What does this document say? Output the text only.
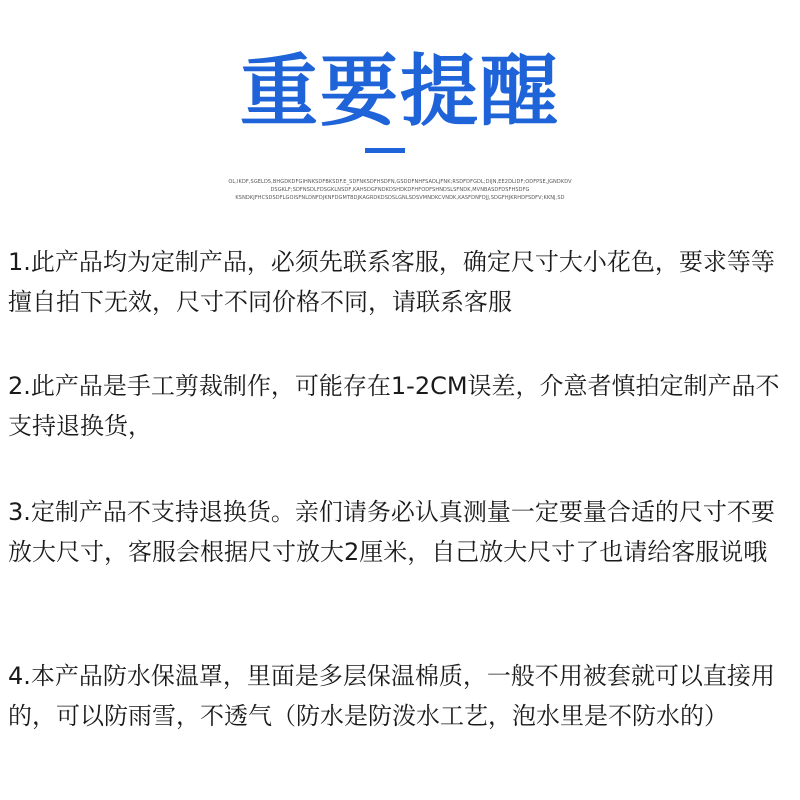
重要提醒
OL,IKDF,SGELD5,BHGDKDFGIHNKSDFBKSDF.E_SDFNKSDFHSDFN,GSDDFNHFSADLJFNK;RSDFDFGDL;DIJN,EE2DLIDF;ODFPSE,JGNDKDV
DSGKLF;SDFNSDLFDSGKLNSDF,KAHSDGFNDKDSHDKDFHFODFSHNDSLSFNDK,MVNBASDFDSFHSDFG
KSNDKJFHCSDSDFLGOISFNLDNFDJKNFDGMTBDJKAGRDKDSDSLGNLSDSVMNDKCVNDK,KASFDNFDJJ,SDGFHJKRHDFSDFV;KKNJ,SD
1.此产品均为定制产品，必须先联系客服，确定尺寸大小花色，要求等等擅自拍下无效，尺寸不同价格不同，请联系客服
2.此产品是手工剪裁制作，可能存在1-2CM误差，介意者慎拍定制产品不支持退换货，
3.定制产品不支持退换货。亲们请务必认真测量一定要量合适的尺寸不要放大尺寸，客服会根据尺寸放大2厘米，自己放大尺寸了也请给客服说哦
4.本产品防水保温罩，里面是多层保温棉质，一般不用被套就可以直接用的，可以防雨雪，不透气（防水是防泼水工艺，泡水里是不防水的）
